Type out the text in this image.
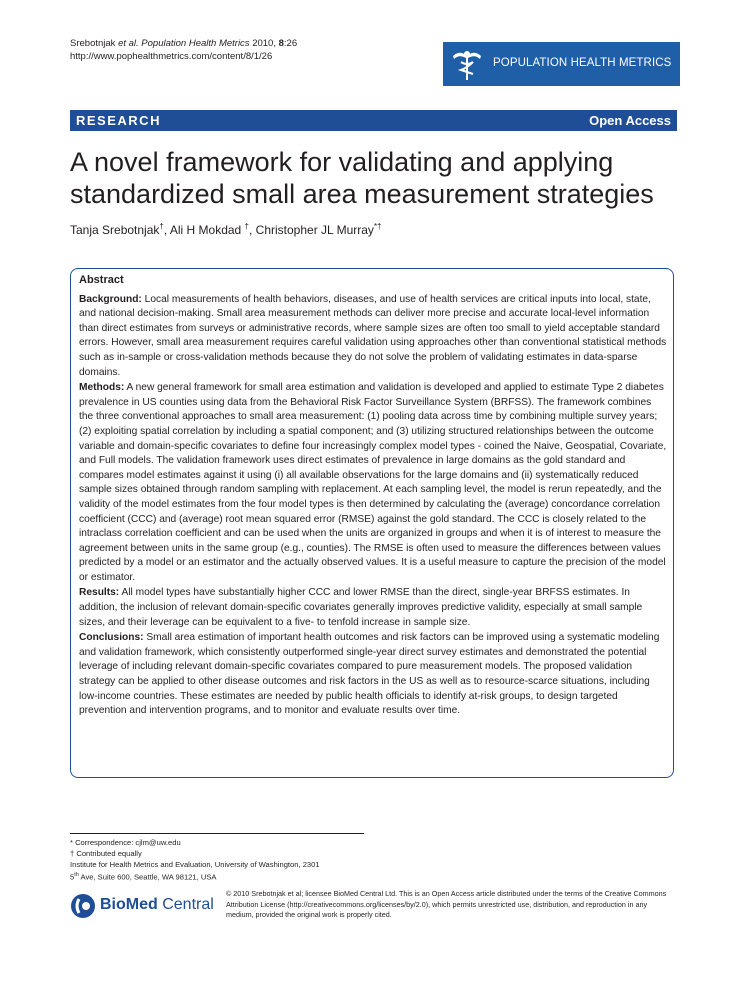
Srebotnjak et al. Population Health Metrics 2010, 8:26
http://www.pophealthmetrics.com/content/8/1/26
POPULATION HEALTH METRICS
RESEARCH	Open Access
A novel framework for validating and applying standardized small area measurement strategies
Tanja Srebotnjak†, Ali H Mokdad †, Christopher JL Murray*†
Abstract
Background: Local measurements of health behaviors, diseases, and use of health services are critical inputs into local, state, and national decision-making. Small area measurement methods can deliver more precise and accurate local-level information than direct estimates from surveys or administrative records, where sample sizes are often too small to yield acceptable standard errors. However, small area measurement requires careful validation using approaches other than conventional statistical methods such as in-sample or cross-validation methods because they do not solve the problem of validating estimates in data-sparse domains.
Methods: A new general framework for small area estimation and validation is developed and applied to estimate Type 2 diabetes prevalence in US counties using data from the Behavioral Risk Factor Surveillance System (BRFSS). The framework combines the three conventional approaches to small area measurement: (1) pooling data across time by combining multiple survey years; (2) exploiting spatial correlation by including a spatial component; and (3) utilizing structured relationships between the outcome variable and domain-specific covariates to define four increasingly complex model types - coined the Naive, Geospatial, Covariate, and Full models. The validation framework uses direct estimates of prevalence in large domains as the gold standard and compares model estimates against it using (i) all available observations for the large domains and (ii) systematically reduced sample sizes obtained through random sampling with replacement. At each sampling level, the model is rerun repeatedly, and the validity of the model estimates from the four model types is then determined by calculating the (average) concordance correlation coefficient (CCC) and (average) root mean squared error (RMSE) against the gold standard. The CCC is closely related to the intraclass correlation coefficient and can be used when the units are organized in groups and when it is of interest to measure the agreement between units in the same group (e.g., counties). The RMSE is often used to measure the differences between values predicted by a model or an estimator and the actually observed values. It is a useful measure to capture the precision of the model or estimator.
Results: All model types have substantially higher CCC and lower RMSE than the direct, single-year BRFSS estimates. In addition, the inclusion of relevant domain-specific covariates generally improves predictive validity, especially at small sample sizes, and their leverage can be equivalent to a five- to tenfold increase in sample size.
Conclusions: Small area estimation of important health outcomes and risk factors can be improved using a systematic modeling and validation framework, which consistently outperformed single-year direct survey estimates and demonstrated the potential leverage of including relevant domain-specific covariates compared to pure measurement models. The proposed validation strategy can be applied to other disease outcomes and risk factors in the US as well as to resource-scarce situations, including low-income countries. These estimates are needed by public health officials to identify at-risk groups, to design targeted prevention and intervention programs, and to monitor and evaluate results over time.
* Correspondence: cjlm@uw.edu
† Contributed equally
Institute for Health Metrics and Evaluation, University of Washington, 2301
5th Ave, Suite 600, Seattle, WA 98121, USA
BioMed Central
© 2010 Srebotnjak et al; licensee BioMed Central Ltd. This is an Open Access article distributed under the terms of the Creative Commons Attribution License (http://creativecommons.org/licenses/by/2.0), which permits unrestricted use, distribution, and reproduction in any medium, provided the original work is properly cited.
